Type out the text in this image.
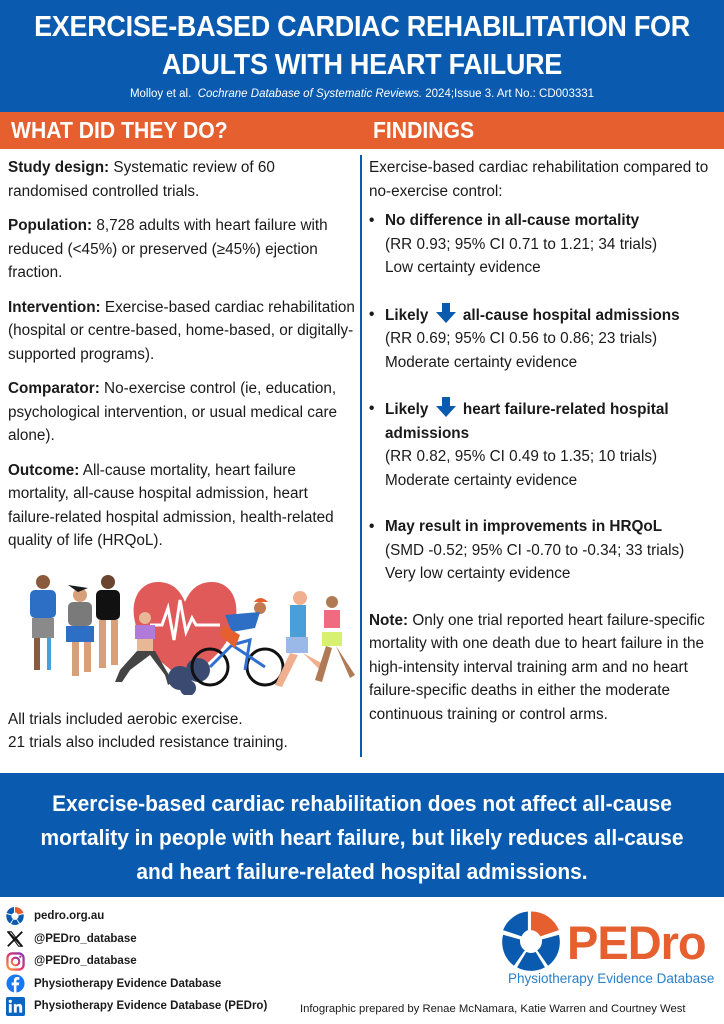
EXERCISE-BASED CARDIAC REHABILITATION FOR
ADULTS WITH HEART FAILURE
Molloy et al. Cochrane Database of Systematic Reviews. 2024;Issue 3. Art No.: CD003331
WHAT DID THEY DO?	FINDINGS

Study design: Systematic review of 60 randomised controlled trials.

Population: 8,728 adults with heart failure with reduced (<45%) or preserved (≥45%) ejection fraction.

Intervention: Exercise-based cardiac rehabilitation (hospital or centre-based, home-based, or digitally-supported programs).

Comparator: No-exercise control (ie, education, psychological intervention, or usual medical care alone).

Outcome: All-cause mortality, heart failure mortality, all-cause hospital admission, heart failure-related hospital admission, health-related quality of life (HRQoL).

All trials included aerobic exercise.
21 trials also included resistance training.
Exercise-based cardiac rehabilitation compared to no-exercise control:
• No difference in all-cause mortality
(RR 0.93; 95% CI 0.71 to 1.21; 34 trials)
Low certainty evidence
• Likely all-cause hospital admissions
(RR 0.69; 95% CI 0.56 to 0.86; 23 trials)
Moderate certainty evidence
• Likely heart failure-related hospital admissions
(RR 0.82, 95% CI 0.49 to 1.35; 10 trials)
Moderate certainty evidence
• May result in improvements in HRQoL
(SMD -0.52; 95% CI -0.70 to -0.34; 33 trials)
Very low certainty evidence
Note: Only one trial reported heart failure-specific mortality with one death due to heart failure in the high-intensity interval training arm and no heart failure-specific deaths in either the moderate continuous training or control arms.
Exercise-based cardiac rehabilitation does not affect all-cause mortality in people with heart failure, but likely reduces all-cause and heart failure-related hospital admissions.
pedro.org.au
@PEDro_database
@PEDro_database
Physiotherapy Evidence Database
Physiotherapy Evidence Database (PEDro)
PEDro
Physiotherapy Evidence Database
Infographic prepared by Renae McNamara, Katie Warren and Courtney West
